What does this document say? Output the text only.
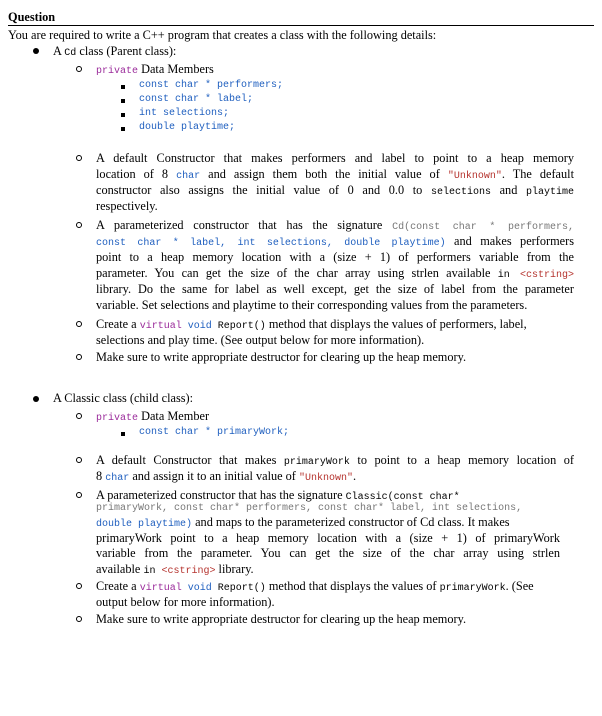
Question
You are required to write a C++ program that creates a class with the following details:
A Cd class (Parent class):
private Data Members
const char * performers;
const char * label;
int selections;
double playtime;
A default Constructor that makes performers and label to point to a heap memory
location of 8 char and assign them both the initial value of "Unknown". The default
constructor also assigns the initial value of 0 and 0.0 to selections and playtime
respectively.
A parameterized constructor that has the signature Cd(const char * performers,
const char * label, int selections, double playtime) and makes performers
point to a heap memory location with a (size + 1) of performers variable from the
parameter. You can get the size of the char array using strlen available in <cstring>
library. Do the same for label as well except, get the size of label from the parameter
variable. Set selections and playtime to their corresponding values from the parameters.
Create a virtual void Report() method that displays the values of performers, label,
selections and play time. (See output below for more information).
Make sure to write appropriate destructor for clearing up the heap memory.
A Classic class (child class):
private Data Member
const char * primaryWork;
A default Constructor that makes primaryWork to point to a heap memory location of
8 char and assign it to an initial value of "Unknown".
A parameterized constructor that has the signature Classic(const char*
primaryWork, const char* performers, const char* label, int selections,
double playtime) and maps to the parameterized constructor of Cd class. It makes
primaryWork point to a heap memory location with a (size + 1) of primaryWork
variable from the parameter. You can get the size of the char array using strlen
available in <cstring> library.
Create a virtual void Report() method that displays the values of primaryWork. (See
output below for more information).
Make sure to write appropriate destructor for clearing up the heap memory.
